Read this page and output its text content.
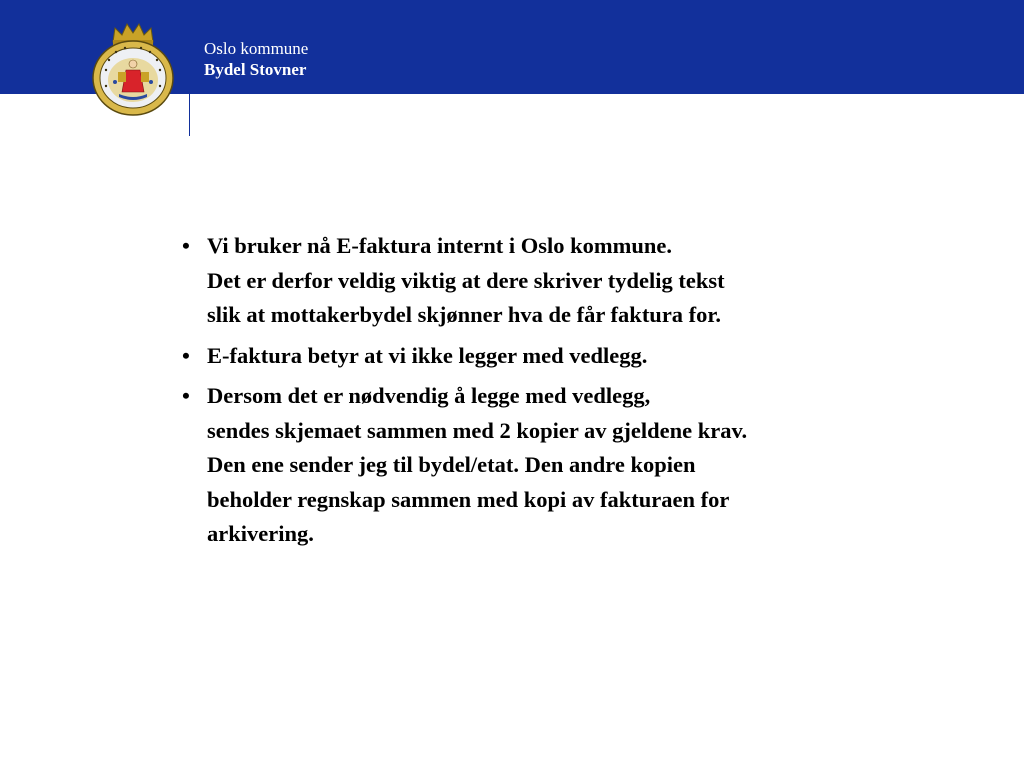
Oslo kommune
Bydel Stovner
• Vi bruker nå E-faktura internt i Oslo kommune.
Det er derfor veldig viktig at dere skriver tydelig tekst
slik at mottakerbydel skjønner hva de får faktura for.
• E-faktura betyr at vi ikke legger med vedlegg.
• Dersom det er nødvendig å legge med vedlegg,
sendes skjemaet sammen med 2 kopier av gjeldene krav.
Den ene sender jeg til bydel/etat. Den andre kopien
beholder regnskap sammen med kopi av fakturaen for
arkivering.
